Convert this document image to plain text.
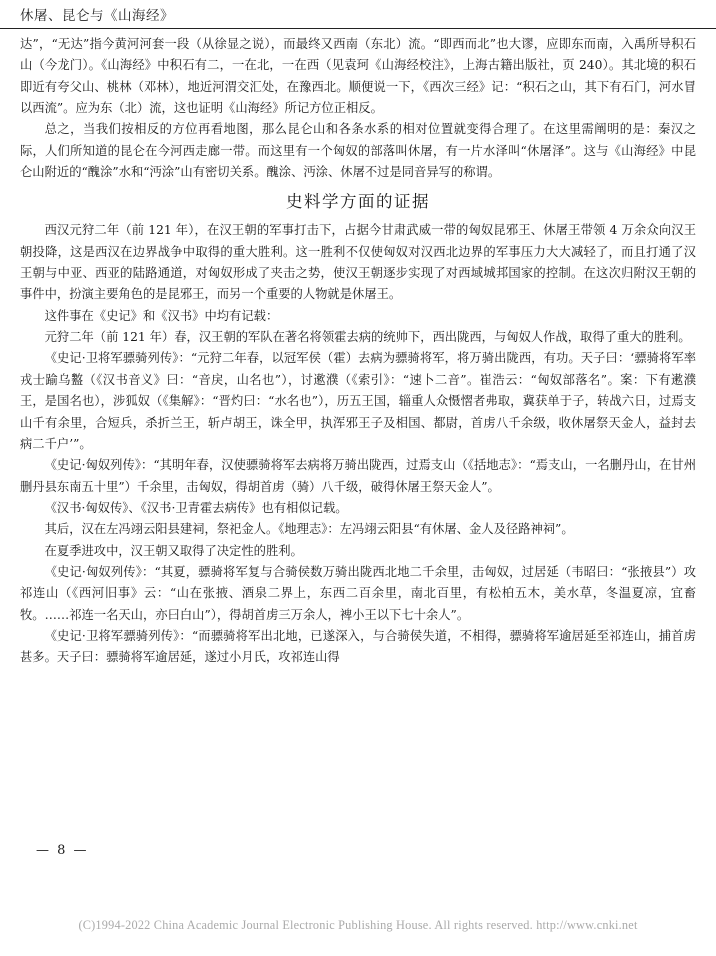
休屠、昆仑与《山海经》

达”，“无达”指今黄河河套一段（从徐显之说），而最终又西南（东北）流。“即西而北”也大谬，应即东而南，入禹所导积石山（今龙门）。《山海经》中积石有二，一在北，一在西（见袁珂《山海经校注》，上海古籍出版社，页 240）。其北境的积石即近有夸父山、桃林（邓林），地近河渭交汇处，在豫西北。顺便说一下，《西次三经》记：“积石之山，其下有石门，河水冒以西流”。应为东（北）流，这也证明《山海经》所记方位正相反。

总之，当我们按相反的方位再看地图，那么昆仑山和各条水系的相对位置就变得合理了。在这里需阐明的是：秦汉之际，人们所知道的昆仑在今河西走廊一带。而这里有一个匈奴的部落叫休屠，有一片水泽叫“休屠泽”。这与《山海经》中昆仑山附近的“醜涂”水和“沔涂”山有密切关系。醜涂、沔涂、休屠不过是同音异写的称谓。

史料学方面的证据

西汉元狩二年（前 121 年），在汉王朝的军事打击下，占据今甘肃武威一带的匈奴昆邪王、休屠王带领 4 万余众向汉王朝投降，这是西汉在边界战争中取得的重大胜利。这一胜利不仅使匈奴对汉西北边界的军事压力大大减轻了，而且打通了汉王朝与中亚、西亚的陆路通道，对匈奴形成了夹击之势，使汉王朝逐步实现了对西域城邦国家的控制。在这次归附汉王朝的事件中，扮演主要角色的是昆邪王，而另一个重要的人物就是休屠王。

这件事在《史记》和《汉书》中均有记载：

元狩二年（前 121 年）春，汉王朝的军队在著名将领霍去病的统帅下，西出陇西，与匈奴人作战，取得了重大的胜利。

《史记·卫将军骠骑列传》：“元狩二年春，以冠军侯（霍）去病为骠骑将军，将万骑出陇西，有功。天子曰：‘骠骑将军率戎士踰乌盭（《汉书音义》曰：“音戾，山名也”），讨遬濮（《索引》：“速卜二音”。崔浩云：“匈奴部落名”。案：下有遬濮王，是国名也），涉狐奴（《集解》：“晋灼曰：“水名也”），历五王国，辎重人众慑慴者弗取，冀获单于子，转战六日，过焉支山千有余里，合短兵，杀折兰王，斩卢胡王，诛全甲，执浑邪王子及相国、都尉，首虏八千余级，收休屠祭天金人，益封去病二千户’”。

《史记·匈奴列传》：“其明年春，汉使骠骑将军去病将万骑出陇西，过焉支山（《括地志》：“焉支山，一名删丹山，在甘州删丹县东南五十里”）千余里，击匈奴，得胡首虏（骑）八千级，破得休屠王祭天金人”。

《汉书·匈奴传》、《汉书·卫青霍去病传》也有相似记载。

其后，汉在左冯翊云阳县建祠，祭祀金人。《地理志》：左冯翊云阳县“有休屠、金人及径路神祠”。

在夏季进攻中，汉王朝又取得了决定性的胜利。

《史记·匈奴列传》：“其夏，骠骑将军复与合骑侯数万骑出陇西北地二千余里，击匈奴，过居延（韦昭曰：“张掖县”）攻祁连山（《西河旧事》云：“山在张掖、酒泉二界上，东西二百余里，南北百里，有松柏五木，美水草，冬温夏凉，宜畜牧。……祁连一名天山，亦曰白山”），得胡首虏三万余人，裨小王以下七十余人”。

《史记·卫将军骠骑列传》：“而骠骑将军出北地，已遂深入，与合骑侯失道，不相得，骠骑将军逾居延至祁连山，捕首虏甚多。天子曰：骠骑将军逾居延，遂过小月氏，攻祁连山得

— 8 —
(C)1994-2022 China Academic Journal Electronic Publishing House. All rights reserved. http://www.cnki.net
